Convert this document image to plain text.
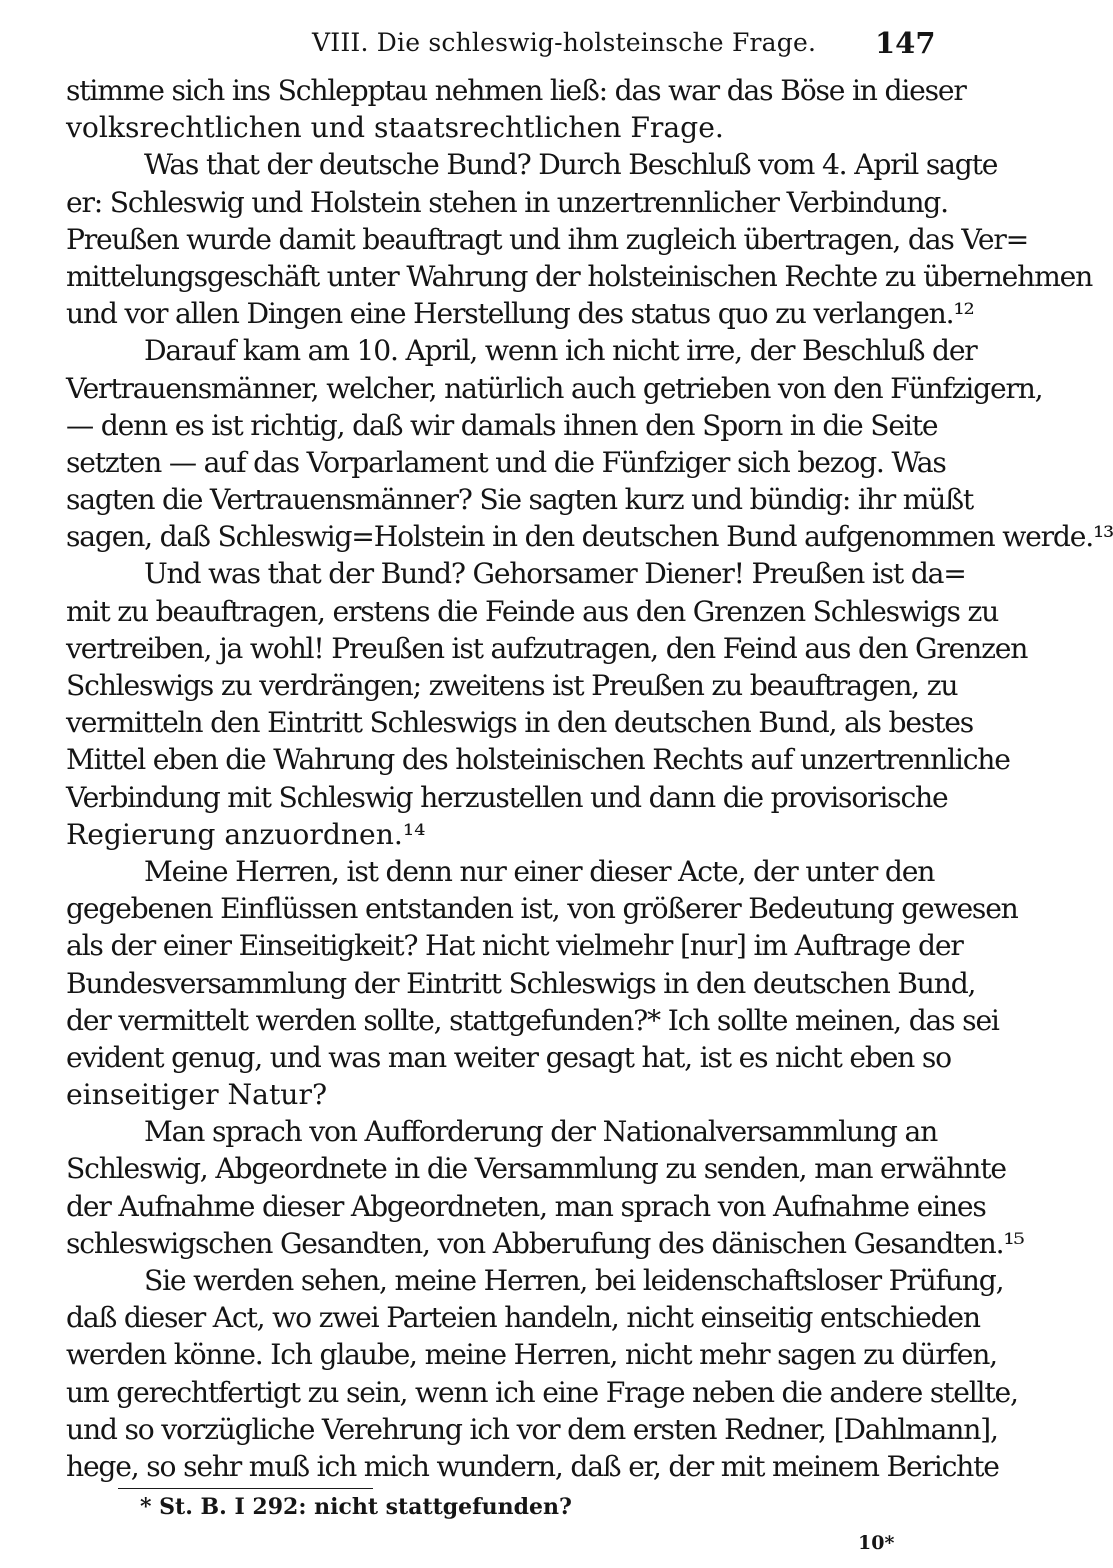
VIII. Die schleswig-holsteinsche Frage. 147
stimme sich ins Schlepptau nehmen ließ: das war das Böse in dieser
volksrechtlichen und staatsrechtlichen Frage.
Was that der deutsche Bund? Durch Beschluß vom 4. April sagte
er: Schleswig und Holstein stehen in unzertrennlicher Verbindung.
Preußen wurde damit beauftragt und ihm zugleich übertragen, das Ver=
mittelungsgeschäft unter Wahrung der holsteinischen Rechte zu übernehmen
und vor allen Dingen eine Herstellung des status quo zu verlangen.¹²
Darauf kam am 10. April, wenn ich nicht irre, der Beschluß der
Vertrauensmänner, welcher, natürlich auch getrieben von den Fünfzigern,
— denn es ist richtig, daß wir damals ihnen den Sporn in die Seite
setzten — auf das Vorparlament und die Fünfziger sich bezog. Was
sagten die Vertrauensmänner? Sie sagten kurz und bündig: ihr müßt
sagen, daß Schleswig=Holstein in den deutschen Bund aufgenommen werde.¹³
Und was that der Bund? Gehorsamer Diener! Preußen ist da=
mit zu beauftragen, erstens die Feinde aus den Grenzen Schleswigs zu
vertreiben, ja wohl! Preußen ist aufzutragen, den Feind aus den Grenzen
Schleswigs zu verdrängen; zweitens ist Preußen zu beauftragen, zu
vermitteln den Eintritt Schleswigs in den deutschen Bund, als bestes
Mittel eben die Wahrung des holsteinischen Rechts auf unzertrennliche
Verbindung mit Schleswig herzustellen und dann die provisorische
Regierung anzuordnen.¹⁴
Meine Herren, ist denn nur einer dieser Acte, der unter den
gegebenen Einflüssen entstanden ist, von größerer Bedeutung gewesen
als der einer Einseitigkeit? Hat nicht vielmehr [nur] im Auftrage der
Bundesversammlung der Eintritt Schleswigs in den deutschen Bund,
der vermittelt werden sollte, stattgefunden?* Ich sollte meinen, das sei
evident genug, und was man weiter gesagt hat, ist es nicht eben so
einseitiger Natur?
Man sprach von Aufforderung der Nationalversammlung an
Schleswig, Abgeordnete in die Versammlung zu senden, man erwähnte
der Aufnahme dieser Abgeordneten, man sprach von Aufnahme eines
schleswigschen Gesandten, von Abberufung des dänischen Gesandten.¹⁵
Sie werden sehen, meine Herren, bei leidenschaftsloser Prüfung,
daß dieser Act, wo zwei Parteien handeln, nicht einseitig entschieden
werden könne. Ich glaube, meine Herren, nicht mehr sagen zu dürfen,
um gerechtfertigt zu sein, wenn ich eine Frage neben die andere stellte,
und so vorzügliche Verehrung ich vor dem ersten Redner, [Dahlmann],
hege, so sehr muß ich mich wundern, daß er, der mit meinem Berichte
* St. B. I 292: nicht stattgefunden?
10*
